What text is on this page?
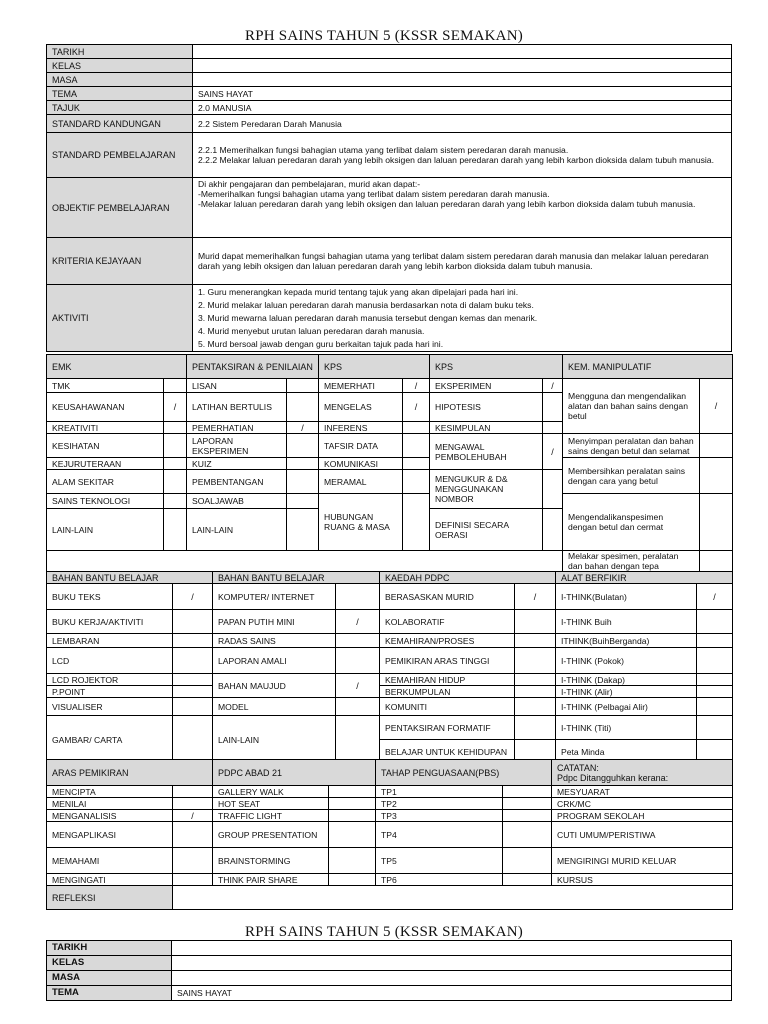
RPH SAINS TAHUN 5 (KSSR SEMAKAN)
TARIKH	
KELAS	
MASA	
TEMA	SAINS HAYAT
TAJUK	2.0 MANUSIA
STANDARD KANDUNGAN	2.2 Sistem Peredaran Darah Manusia
STANDARD PEMBELAJARAN	2.2.1 Memerihalkan fungsi bahagian utama yang terlibat dalam sistem peredaran darah manusia.
2.2.2 Melakar laluan peredaran darah yang lebih oksigen dan laluan peredaran darah yang lebih karbon dioksida dalam tubuh manusia.

OBJEKTIF PEMBELAJARAN	Di akhir pengajaran dan pembelajaran, murid akan dapat:-
-Memerihalkan fungsi bahagian utama yang terlibat dalam sistem peredaran darah manusia.
-Melakar laluan peredaran darah yang lebih oksigen dan laluan peredaran darah yang lebih karbon dioksida dalam tubuh manusia.

KRITERIA KEJAYAAN	Murid dapat memerihalkan fungsi bahagian utama yang terlibat dalam sistem peredaran darah manusia dan melakar laluan peredaran darah yang lebih oksigen dan laluan peredaran darah yang lebih karbon dioksida dalam tubuh manusia.
AKTIVITI	1. Guru menerangkan kepada murid tentang tajuk yang akan dipelajari pada hari ini.
2. Murid melakar laluan peredaran darah manusia berdasarkan nota di dalam buku teks.
3. Murid mewarna laluan peredaran darah manusia tersebut dengan kemas dan menarik.
4. Murid menyebut urutan laluan peredaran darah manusia.
5. Murd bersoal jawab dengan guru berkaitan tajuk pada hari ini.
EMK		PENTAKSIRAN & PENILAIAN		KPS		KPS		KEM. MANIPULATIF	
TMK		LISAN		MEMERHATI	/	EKSPERIMEN	/	Mengguna dan mengendalikan alatan dan bahan sains dengan betul	/
KEUSAHAWANAN	/	LATIHAN BERTULIS		MENGELAS	/	HIPOTESIS			
KREATIVITI		PEMERHATIAN	/	INFERENS		KESIMPULAN			
KESIHATAN		LAPORAN EKSPERIMEN		TAFSIR DATA		MENGAWAL PEMBOLEHUBAH	/	Menyimpan peralatan dan bahan sains dengan betul dan selamat	
KEJURUTERAAN		KUIZ		KOMUNIKASI				Membersihkan peralatan sains dengan cara yang betul	
ALAM SEKITAR		PEMBENTANGAN		MERAMAL		MENGUKUR & D& MENGGUNAKAN NOMBOR			
SAINS TEKNOLOGI		SOALJAWAB		HUBUNGAN RUANG & MASA				Mengendalikanspesimen dengan betul dan cermat	
LAIN-LAIN		LAIN-LAIN				DEFINISI SECARA OERASI			
								Melakar spesimen, peralatan dan bahan dengan tepa	
BAHAN BANTU BELAJAR		BAHAN BANTU BELAJAR		KAEDAH PDPC		ALAT BERFIKIR	
BUKU TEKS	/	KOMPUTER/ INTERNET		BERASASKAN MURID	/	I-THINK(Bulatan)	/
BUKU KERJA/AKTIVITI		PAPAN PUTIH MINI	/	KOLABORATIF		I-THINK Buih	
LEMBARAN		RADAS SAINS		KEMAHIRAN/PROSES		ITHINK(BuihBerganda)	
LCD		LAPORAN AMALI		PEMIKIRAN ARAS TINGGI		I-THINK (Pokok)	
LCD ROJEKTOR		BAHAN MAUJUD	/	KEMAHIRAN HIDUP		I-THINK (Dakap)	
P.POINT				BERKUMPULAN		I-THINK (Alir)	
VISUALISER		MODEL		KOMUNITI		I-THINK (Pelbagai Alir)	
GAMBAR/ CARTA		LAIN-LAIN		PENTAKSIRAN FORMATIF		I-THINK (Titi)	
				BELAJAR UNTUK KEHIDUPAN		Peta Minda	
ARAS PEMIKIRAN		PDPC ABAD 21		TAHAP PENGUASAAN(PBS)		CATATAN:
Pdpc Ditangguhkan kerana:
MENCIPTA		GALLERY WALK		TP1		MESYUARAT
MENILAI		HOT SEAT		TP2		CRK/MC
MENGANALISIS	/	TRAFFIC LIGHT		TP3		PROGRAM SEKOLAH
MENGAPLIKASI		GROUP PRESENTATION		TP4		CUTI UMUM/PERISTIWA
MEMAHAMI		BRAINSTORMING		TP5		MENGIRINGI MURID KELUAR
MENGINGATI		THINK PAIR SHARE		TP6		KURSUS
REFLEKSI						
RPH SAINS TAHUN 5 (KSSR SEMAKAN)
TARIKH	
KELAS	
MASA	
TEMA	SAINS HAYAT
